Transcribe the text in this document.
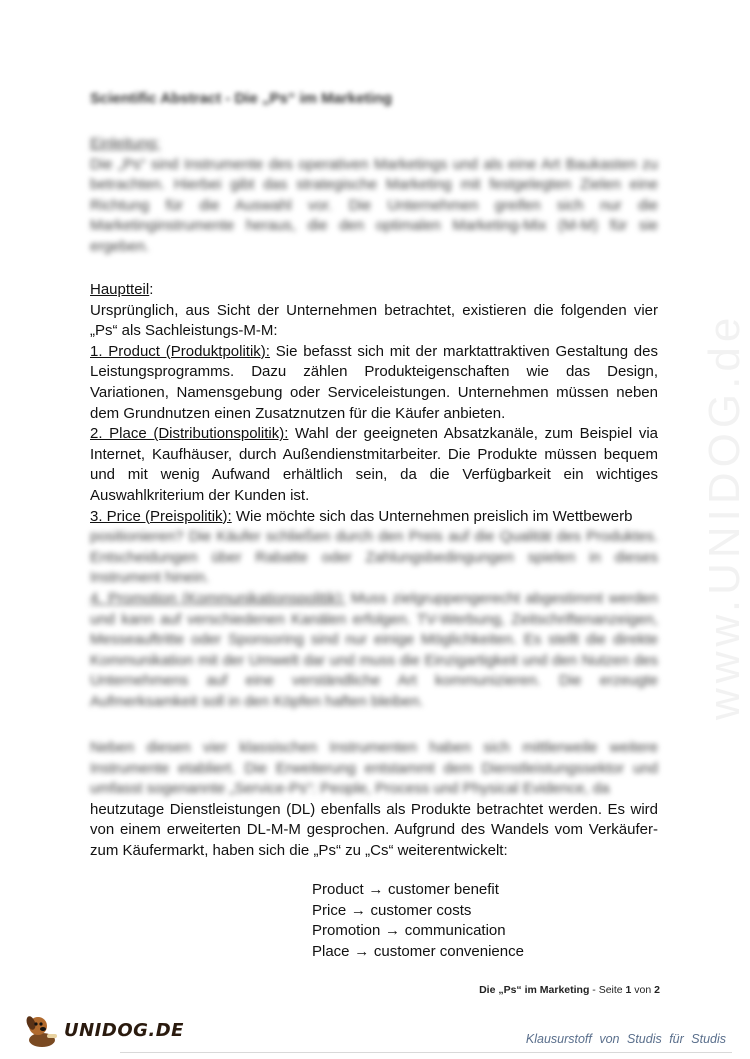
www.UNIDOG.de
Scientific Abstract - Die „Ps“ im Marketing

Einleitung:

Die „Ps“ sind Instrumente des operativen Marketings und als eine Art Baukasten zu betrachten. Hierbei gibt das strategische Marketing mit festgelegten Zielen eine Richtung für die Auswahl vor. Die Unternehmen greifen sich nur die Marketinginstrumente heraus, die den optimalen Marketing-Mix (M-M) für sie ergeben.

Hauptteil:

Ursprünglich, aus Sicht der Unternehmen betrachtet, existieren die folgenden vier „Ps“ als Sachleistungs-M-M:

1. Product (Produktpolitik): Sie befasst sich mit der marktattraktiven Gestaltung des Leistungsprogramms. Dazu zählen Produkteigenschaften wie das Design, Variationen, Namensgebung oder Serviceleistungen. Unternehmen müssen neben dem Grundnutzen einen Zusatznutzen für die Käufer anbieten.

2. Place (Distributionspolitik): Wahl der geeigneten Absatzkanäle, zum Beispiel via Internet, Kaufhäuser, durch Außendienstmitarbeiter. Die Produkte müssen bequem und mit wenig Aufwand erhältlich sein, da die Verfügbarkeit ein wichtiges Auswahlkriterium der Kunden ist.

3. Price (Preispolitik): Wie möchte sich das Unternehmen preislich im Wettbewerb

positionieren? Die Käufer schließen durch den Preis auf die Qualität des Produktes. Entscheidungen über Rabatte oder Zahlungsbedingungen spielen in dieses Instrument hinein.

4. Promotion (Kommunikationspolitik): Muss zielgruppengerecht abgestimmt werden und kann auf verschiedenen Kanälen erfolgen. TV-Werbung, Zeitschriftenanzeigen, Messeauftritte oder Sponsoring sind nur einige Möglichkeiten. Es stellt die direkte Kommunikation mit der Umwelt dar und muss die Einzigartigkeit und den Nutzen des Unternehmens auf eine verständliche Art kommunizieren. Die erzeugte Aufmerksamkeit soll in den Köpfen haften bleiben.

Neben diesen vier klassischen Instrumenten haben sich mittlerweile weitere Instrumente etabliert. Die Erweiterung entstammt dem Dienstleistungssektor und umfasst sogenannte „Service-Ps“: People, Process und Physical Evidence, da

heutzutage Dienstleistungen (DL) ebenfalls als Produkte betrachtet werden. Es wird von einem erweiterten DL-M-M gesprochen. Aufgrund des Wandels vom Verkäufer- zum Käufermarkt, haben sich die „Ps“ zu „Cs“ weiterentwickelt:

Product → customer benefit
Price → customer costs
Promotion → communication
Place → customer convenience
Die „Ps“ im Marketing - Seite 1 von 2
UNIDOG.DE	Klausurstoff von Studis für Studis
